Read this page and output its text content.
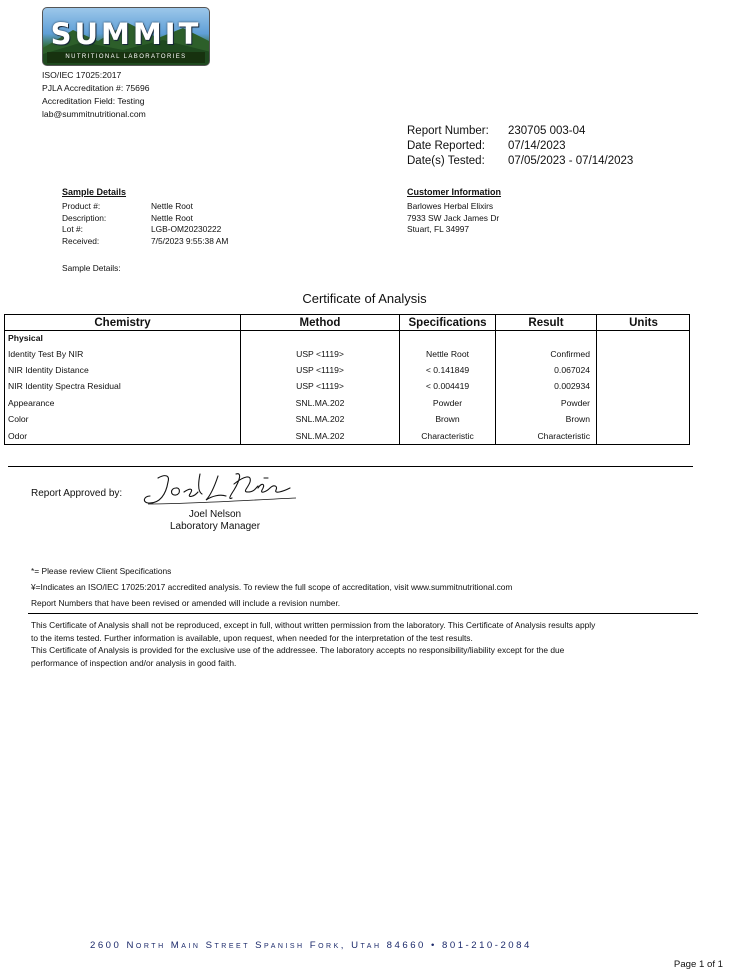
SUMMIT
NUTRITIONAL LABORATORIES
ISO/IEC 17025:2017
PJLA Accreditation #: 75696
Accreditation Field: Testing
lab@summitnutritional.com
Report Number: 230705 003-04
Date Reported: 07/14/2023
Date(s) Tested: 07/05/2023 - 07/14/2023
Sample Details
Product #:	Nettle Root
Description:	Nettle Root
Lot #:	LGB-OM20230222
Received:	7/5/2023 9:55:38 AM
Sample Details:
Customer Information
Barlowes Herbal Elixirs
7933 SW Jack James Dr
Stuart, FL 34997
Certificate of Analysis
Chemistry	Method	Specifications	Result	Units
Physical
Identity Test By NIR	USP <1119>	Nettle Root	Confirmed
NIR Identity Distance	USP <1119>	< 0.141849	0.067024
NIR Identity Spectra Residual	USP <1119>	< 0.004419	0.002934
Appearance	SNL.MA.202	Powder	Powder
Color	SNL.MA.202	Brown	Brown
Odor	SNL.MA.202	Characteristic	Characteristic
Report Approved by:
Joel Nelson
Laboratory Manager
*= Please review Client Specifications
¥=Indicates an ISO/IEC 17025:2017 accredited analysis. To review the full scope of accreditation, visit www.summitnutritional.com
Report Numbers that have been revised or amended will include a revision number.
This Certificate of Analysis shall not be reproduced, except in full, without written permission from the laboratory. This Certificate of Analysis results apply
to the items tested. Further information is available, upon request, when needed for the interpretation of the test results.
This Certificate of Analysis is provided for the exclusive use of the addressee. The laboratory accepts no responsibility/liability except for the due
performance of inspection and/or analysis in good faith.
2600 North Main Street Spanish Fork, Utah 84660 • 801-210-2084
Page 1 of 1
